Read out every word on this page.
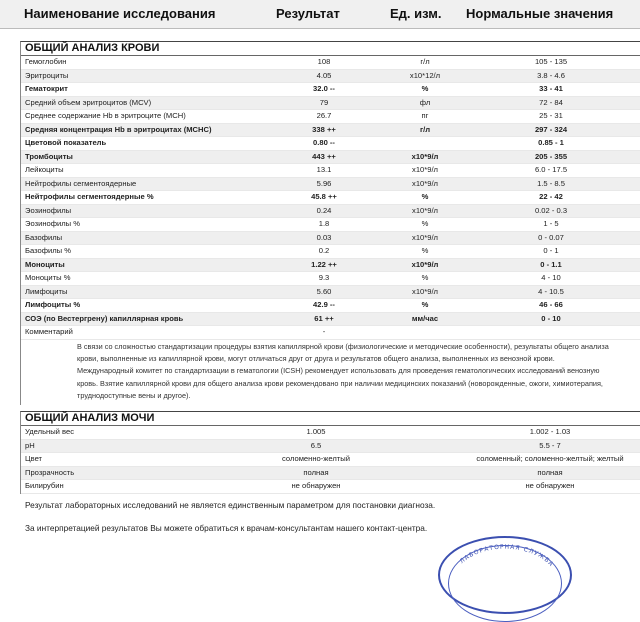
Наименование исследования	Результат	Ед. изм. Нормальные значения
ОБЩИЙ АНАЛИЗ КРОВИ
Гемоглобин	108	г/л	105 - 135
Эритроциты	4.05	x10*12/л	3.8 - 4.6
Гематокрит	32.0 --	%	33 - 41
Средний объем эритроцитов (MCV)	79	фл	72 - 84
Среднее содержание Hb в эритроците (MCH)	26.7	пг	25 - 31
Средняя концентрация Hb в эритроцитах (MCHC)	338 ++	г/л	297 - 324
Цветовой показатель	0.80 --	0.85 - 1
Тромбоциты	443 ++	x10*9/л	205 - 355
Лейкоциты	13.1	x10*9/л	6.0 - 17.5
Нейтрофилы сегментоядерные	5.96	x10*9/л	1.5 - 8.5
Нейтрофилы сегментоядерные %	45.8 ++	%	22 - 42
Эозинофилы	0.24	x10*9/л	0.02 - 0.3
Эозинофилы %	1.8	%	1 - 5
Базофилы	0.03	x10*9/л	0 - 0.07
Базофилы %	0.2	%	0 - 1
Моноциты	1.22 ++	x10*9/л	0 - 1.1
Моноциты %	9.3	%	4 - 10
Лимфоциты	5.60	x10*9/л	4 - 10.5
Лимфоциты %	42.9 --	%	46 - 66
СОЭ (по Вестергрену) капиллярная кровь	61 ++	мм/час	0 - 10
Комментарий	-
В связи со сложностью стандартизации процедуры взятия капиллярной крови (физиологические и методические особенности), результаты общего анализа крови, выполненные из капиллярной крови, могут отличаться друг от друга и результатов общего анализа, выполненных из венозной крови. Международный комитет по стандартизации в гематологии (ICSH) рекомендует использовать для проведения гематологических исследований венозную кровь. Взятие капиллярной крови для общего анализа крови рекомендовано при наличии медицинских показаний (новорожденные, ожоги, химиотерапия, труднодоступные вены и другое).
ОБЩИЙ АНАЛИЗ МОЧИ
Удельный вес	1.005	1.002 - 1.03
pH	6.5	5.5 - 7
Цвет	соломенно-желтый	соломенный; соломенно-желтый; желтый
Прозрачность	полная	полная
Билирубин	не обнаружен	не обнаружен
Результат лабораторных исследований не является единственным параметром для постановки диагноза.
За интерпретацией результатов Вы можете обратиться к врачам-консультантам нашего контакт-центра.
ЛАБОРАТОРНАЯ СЛУЖБА
